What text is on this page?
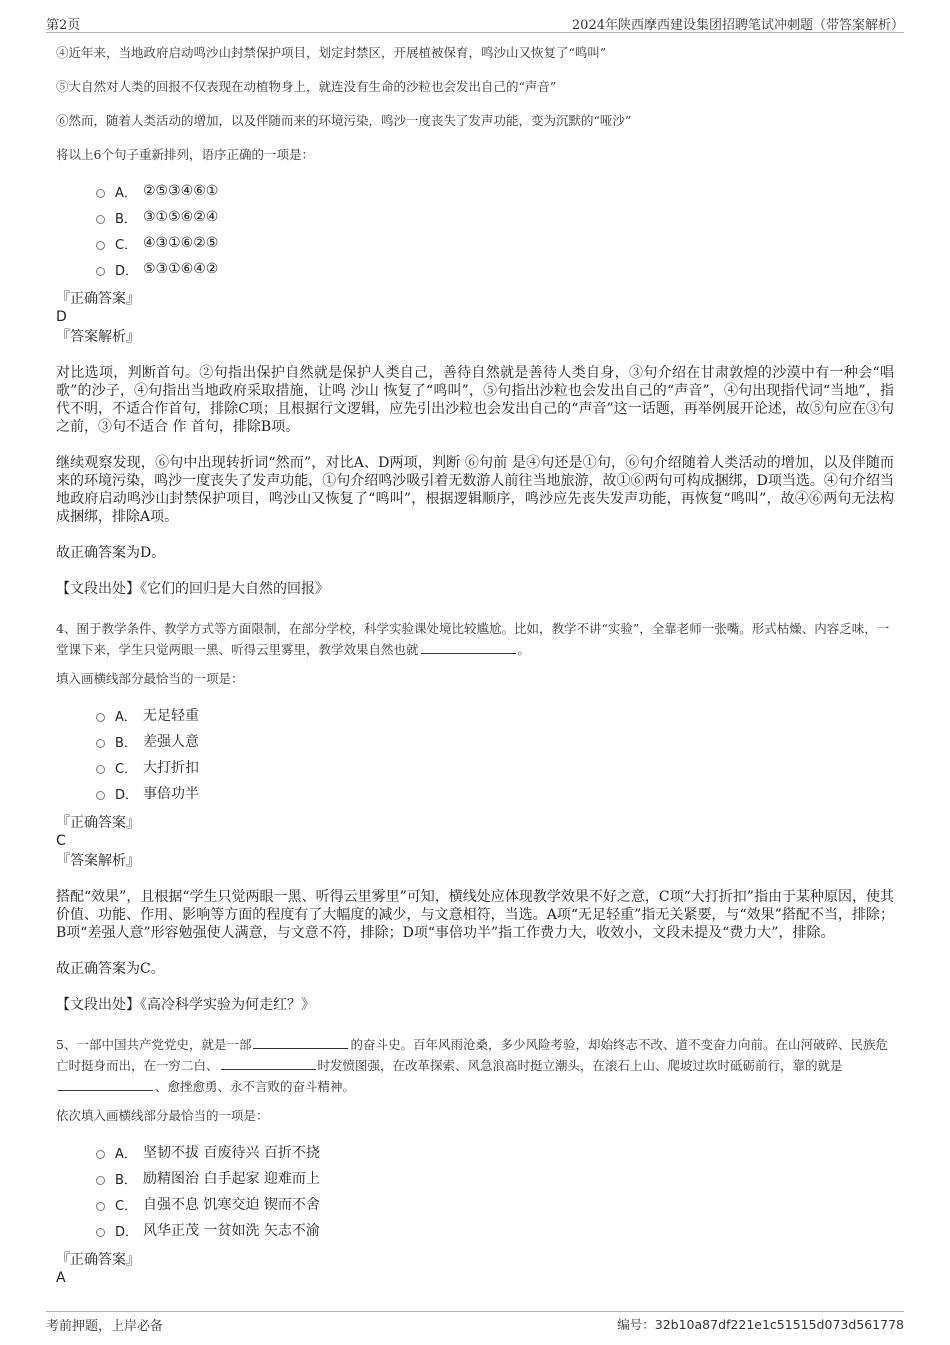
第2页	2024年陕西摩西建设集团招聘笔试冲刺题（带答案解析）

④近年来，当地政府启动鸣沙山封禁保护项目，划定封禁区，开展植被保育，鸣沙山又恢复了“鸣叫”

⑤大自然对人类的回报不仅表现在动植物身上，就连没有生命的沙粒也会发出自己的“声音”

⑥然而，随着人类活动的增加，以及伴随而来的环境污染，鸣沙一度丧失了发声功能，变为沉默的“哑沙”

将以上6个句子重新排列，语序正确的一项是：

A． ②⑤③④⑥①
B． ③①⑤⑥②④
C． ④③①⑥②⑤
D． ⑤③①⑥④②

『正确答案』

D

『答案解析』

对比选项，判断首句。②句指出保护自然就是保护人类自己，善待自然就是善待人类自身，③句介绍在甘肃敦煌的沙漠中有一种会“唱歌”的沙子，④句指出当地政府采取措施，让鸣 沙山 恢复了“鸣叫”，⑤句指出沙粒也会发出自己的“声音”，④句出现指代词“当地”，指代不明，不适合作首句，排除C项；且根据行文逻辑，应先引出沙粒也会发出自己的“声音”这一话题，再举例展开论述，故⑤句应在③句之前，③句不适合 作 首句，排除B项。

继续观察发现，⑥句中出现转折词“然而”，对比A、D两项，判断 ⑥句前 是④句还是①句，⑥句介绍随着人类活动的增加，以及伴随而来的环境污染，鸣沙一度丧失了发声功能，①句介绍鸣沙吸引着无数游人前往当地旅游，故①⑥两句可构成捆绑，D项当选。④句介绍当地政府启动鸣沙山封禁保护项目，鸣沙山又恢复了“鸣叫”，根据逻辑顺序，鸣沙应先丧失发声功能，再恢复“鸣叫”，故④⑥两句无法构成捆绑，排除A项。

故正确答案为D。

【文段出处】《它们的回归是大自然的回报》

4、囿于教学条件、教学方式等方面限制，在部分学校，科学实验课处境比较尴尬。比如，教学不讲“实验”，全靠老师一张嘴。形式枯燥、内容乏味，一堂课下来，学生只觉两眼一黑、听得云里雾里，教学效果自然也就	。

填入画横线部分最恰当的一项是：

A． 无足轻重
B． 差强人意
C． 大打折扣
D． 事倍功半

『正确答案』

C

『答案解析』

搭配“效果”，且根据“学生只觉两眼一黑、听得云里雾里”可知，横线处应体现教学效果不好之意，C项“大打折扣”指由于某种原因，使其价值、功能、作用、影响等方面的程度有了大幅度的减少，与文意相符，当选。A项“无足轻重”指无关紧要，与“效果”搭配不当，排除；B项“差强人意”形容勉强使人满意，与文意不符，排除；D项“事倍功半”指工作费力大，收效小，文段未提及“费力大”，排除。

故正确答案为C。

【文段出处】《高冷科学实验为何走红？》

5、一部中国共产党党史，就是一部	的奋斗史。百年风雨沧桑，多少风险考验，却始终志不改、道不变奋力向前。在山河破碎、民族危亡时挺身而出，在一穷二白、	时发愤图强，在改革探索、风急浪高时挺立潮头，在滚石上山、爬坡过坎时砥砺前行，靠的就是、愈挫愈勇、永不言败的奋斗精神。

依次填入画横线部分最恰当的一项是：

A． 坚韧不拔 百废待兴 百折不挠
B． 励精图治 白手起家 迎难而上
C． 自强不息 饥寒交迫 锲而不舍
D． 风华正茂 一贫如洗 矢志不渝

『正确答案』

A

考前押题，上岸必备	编号：32b10a87df221e1c51515d073d561778
